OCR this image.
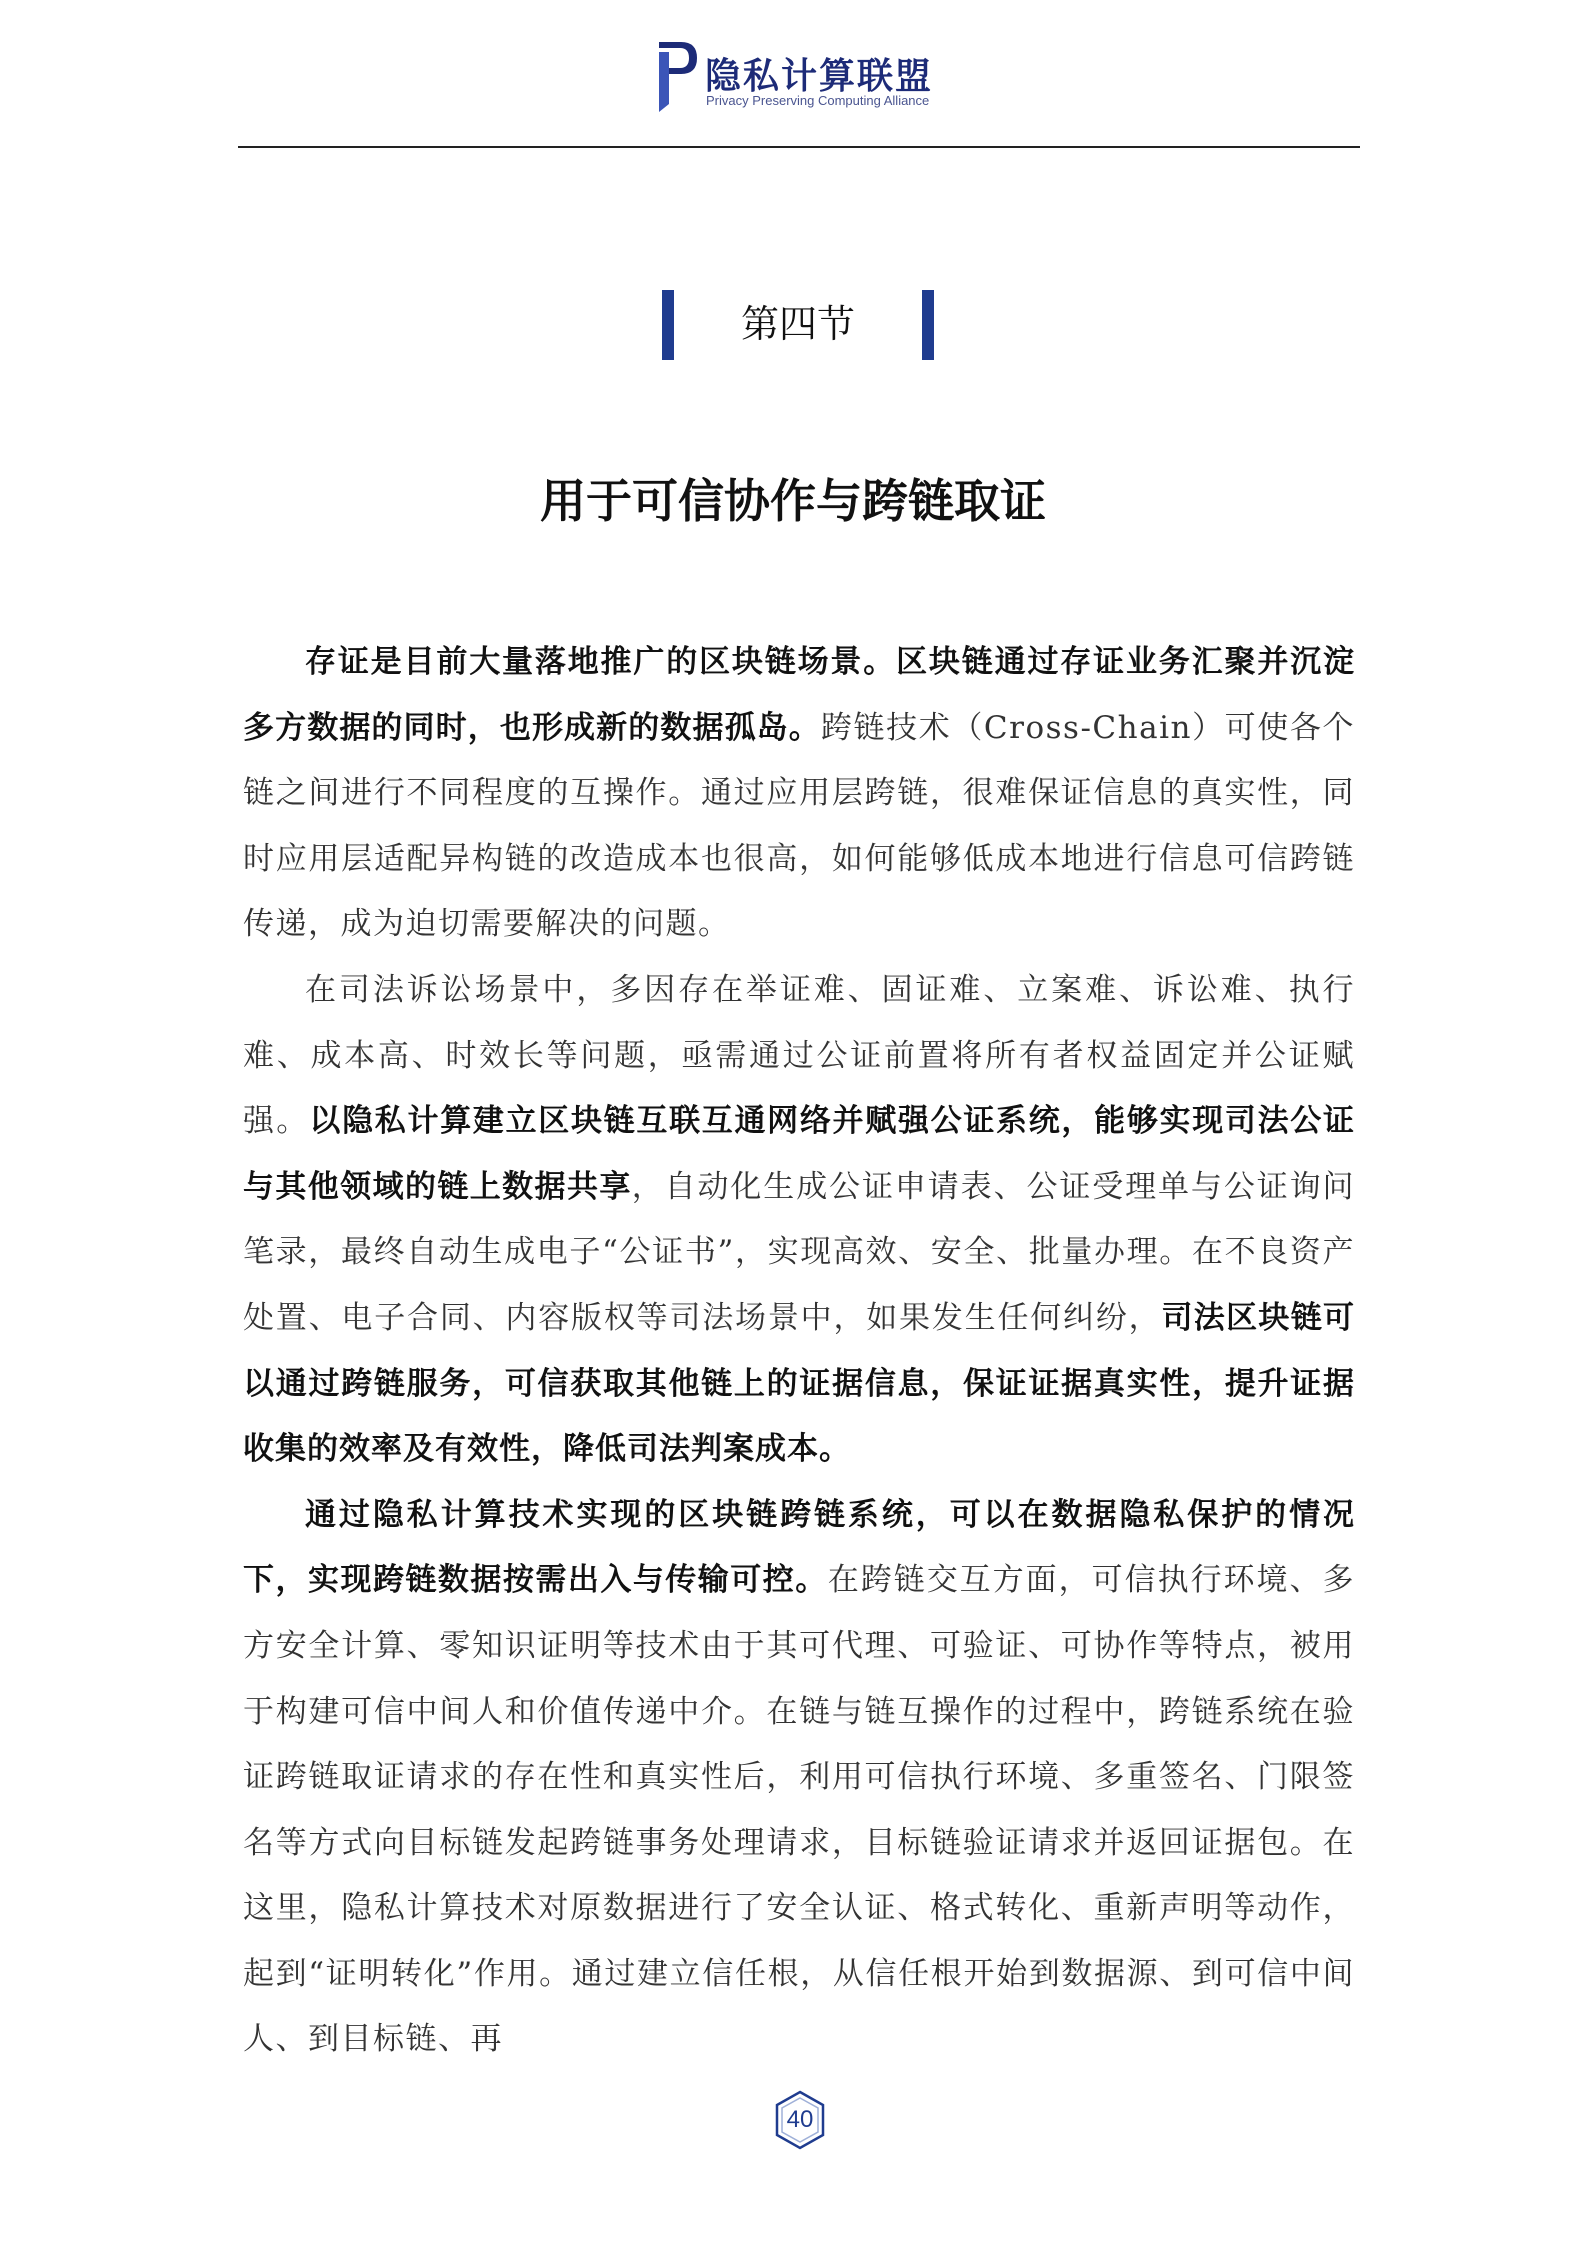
隐私计算联盟
Privacy Preserving Computing Alliance
第四节
用于可信协作与跨链取证

存证是目前大量落地推广的区块链场景。区块链通过存证业务汇聚并沉淀多方数据的同时，也形成新的数据孤岛。跨链技术（Cross-Chain）可使各个链之间进行不同程度的互操作。通过应用层跨链，很难保证信息的真实性，同时应用层适配异构链的改造成本也很高，如何能够低成本地进行信息可信跨链传递，成为迫切需要解决的问题。

在司法诉讼场景中，多因存在举证难、固证难、立案难、诉讼难、执行难、成本高、时效长等问题，亟需通过公证前置将所有者权益固定并公证赋强。以隐私计算建立区块链互联互通网络并赋强公证系统，能够实现司法公证与其他领域的链上数据共享，自动化生成公证申请表、公证受理单与公证询问笔录，最终自动生成电子“公证书”，实现高效、安全、批量办理。在不良资产处置、电子合同、内容版权等司法场景中，如果发生任何纠纷，司法区块链可以通过跨链服务，可信获取其他链上的证据信息，保证证据真实性，提升证据收集的效率及有效性，降低司法判案成本。

通过隐私计算技术实现的区块链跨链系统，可以在数据隐私保护的情况下，实现跨链数据按需出入与传输可控。在跨链交互方面，可信执行环境、多方安全计算、零知识证明等技术由于其可代理、可验证、可协作等特点，被用于构建可信中间人和价值传递中介。在链与链互操作的过程中，跨链系统在验证跨链取证请求的存在性和真实性后，利用可信执行环境、多重签名、门限签名等方式向目标链发起跨链事务处理请求，目标链验证请求并返回证据包。在这里，隐私计算技术对原数据进行了安全认证、格式转化、重新声明等动作，起到“证明转化”作用。通过建立信任根，从信任根开始到数据源、到可信中间人、到目标链、再

40
